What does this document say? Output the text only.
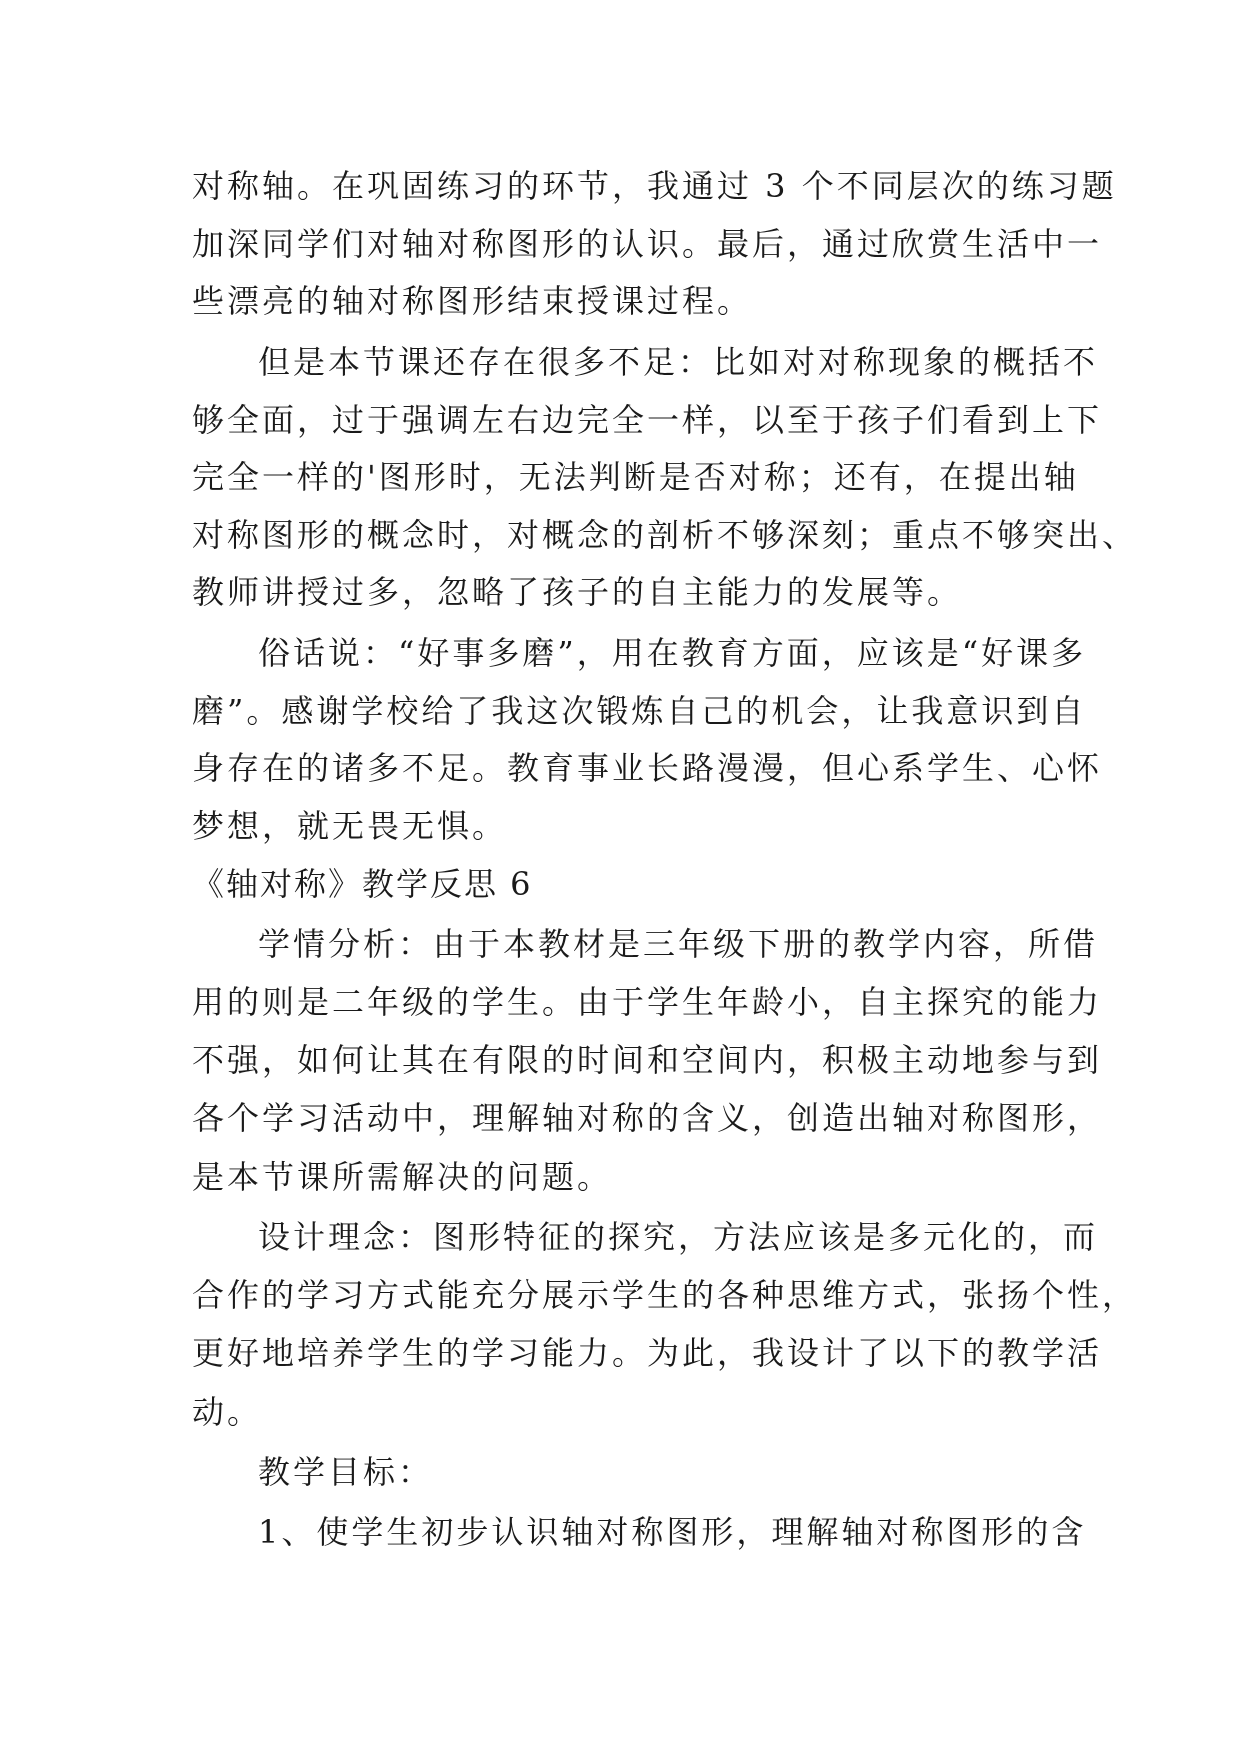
对称轴。在巩固练习的环节，我通过 3 个不同层次的练习题
加深同学们对轴对称图形的认识。最后，通过欣赏生活中一
些漂亮的轴对称图形结束授课过程。
但是本节课还存在很多不足：比如对对称现象的概括不
够全面，过于强调左右边完全一样，以至于孩子们看到上下
完全一样的'图形时，无法判断是否对称；还有，在提出轴
对称图形的概念时，对概念的剖析不够深刻；重点不够突出、
教师讲授过多，忽略了孩子的自主能力的发展等。
俗话说：“好事多磨”，用在教育方面，应该是“好课多
磨”。感谢学校给了我这次锻炼自己的机会，让我意识到自
身存在的诸多不足。教育事业长路漫漫，但心系学生、心怀
梦想，就无畏无惧。
《轴对称》教学反思 6
学情分析：由于本教材是三年级下册的教学内容，所借
用的则是二年级的学生。由于学生年龄小，自主探究的能力
不强，如何让其在有限的时间和空间内，积极主动地参与到
各个学习活动中，理解轴对称的含义，创造出轴对称图形，
是本节课所需解决的问题。
设计理念：图形特征的探究，方法应该是多元化的，而
合作的学习方式能充分展示学生的各种思维方式，张扬个性，
更好地培养学生的学习能力。为此，我设计了以下的教学活
动。
教学目标：
1、使学生初步认识轴对称图形，理解轴对称图形的含
